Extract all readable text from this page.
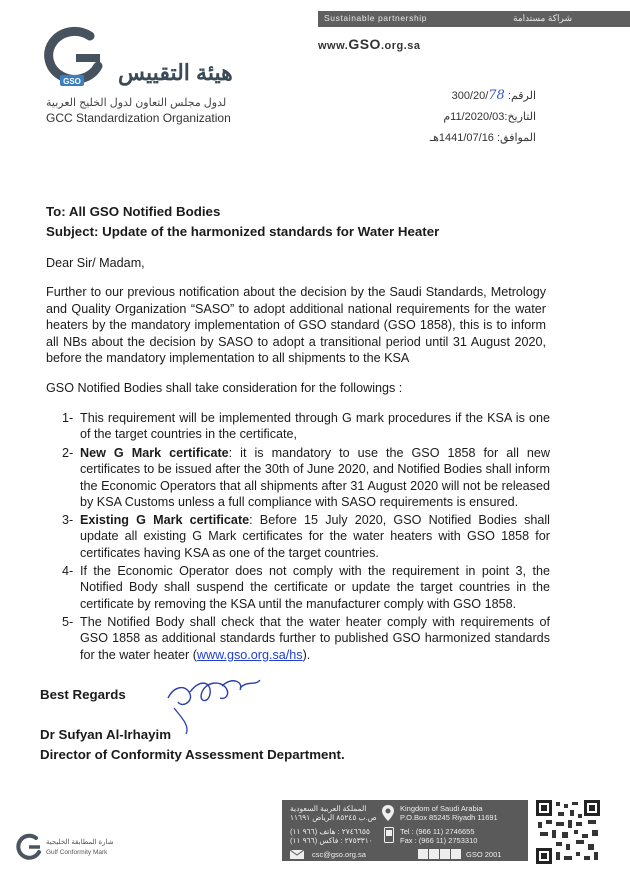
Sustainable partnership	شراكة مستدامة
www.GSO.org.sa
GSO هيئة التقييس
لدول مجلس التعاون لدول الخليج العربية
GCC Standardization Organization
الرقم: 300/20/78
التاريخ:11/2020/03م
الموافق: 1441/07/16هـ
To: All GSO Notified Bodies
Subject: Update of the harmonized standards for Water Heater
Dear Sir/ Madam,
Further to our previous notification about the decision by the Saudi Standards, Metrology and Quality Organization “SASO” to adopt additional national requirements for the water heaters by the mandatory implementation of GSO standard (GSO 1858), this is to inform all NBs about the decision by SASO to adopt a transitional period until 31 August 2020, before the mandatory implementation to all shipments to the KSA
GSO Notified Bodies shall take consideration for the followings :
1- This requirement will be implemented through G mark procedures if the KSA is one of the target countries in the certificate,
2- New G Mark certificate: it is mandatory to use the GSO 1858 for all new certificates to be issued after the 30th of June 2020, and Notified Bodies shall inform the Economic Operators that all shipments after 31 August 2020 will not be released by KSA Customs unless a full compliance with SASO requirements is ensured.
3- Existing G Mark certificate: Before 15 July 2020, GSO Notified Bodies shall update all existing G Mark certificates for the water heaters with GSO 1858 for certificates having KSA as one of the target countries.
4- If the Economic Operator does not comply with the requirement in point 3, the Notified Body shall suspend the certificate or update the target countries in the certificate by removing the KSA until the manufacturer comply with GSO 1858.
5- The Notified Body shall check that the water heater comply with requirements of GSO 1858 as additional standards further to published GSO harmonized standards for the water heater (www.gso.org.sa/hs).
Best Regards
Dr Sufyan Al-Irhayim
Director of Conformity Assessment Department.
المملكة العربية السعودية
ص.ب ٨٥٢٤٥ الرياض ١١٦٩١
Kingdom of Saudi Arabia
P.O.Box 85245 Riyadh 11691
(٩٦٦ ١١) ٢٧٤٦٦٥٥ : هاتف
(٩٦٦ ١١) ٢٧٥٣٣١٠ : فاكس
Tel : (966 11) 2746655
Fax : (966 11) 2753310
csc@gso.org.sa	GSO 2001
شارة المطابقة الخليجية
Gulf Conformity Mark
